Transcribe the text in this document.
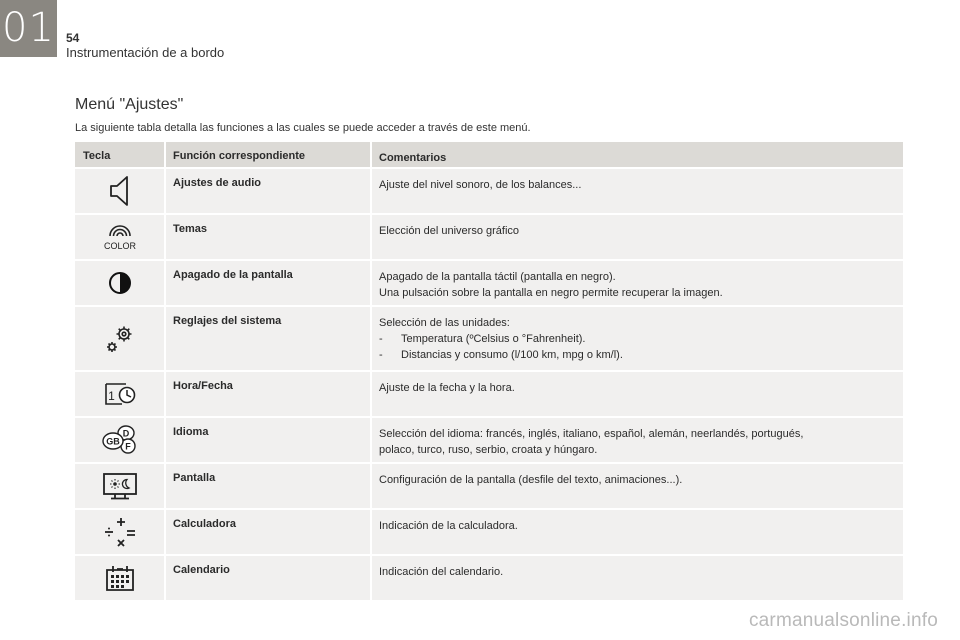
01 54
Instrumentación de a bordo
Menú "Ajustes"
La siguiente tabla detalla las funciones a las cuales se puede acceder a través de este menú.
Tecla	Función correspondiente	Comentarios
Ajustes de audio	Ajuste del nivel sonoro, de los balances...
COLOR
Temas	Elección del universo gráfico
Apagado de la pantalla	Apagado de la pantalla táctil (pantalla en negro).
Una pulsación sobre la pantalla en negro permite recuperar la imagen.
Reglajes del sistema	Selección de las unidades:
- Temperatura (ºCelsius o °Fahrenheit).
- Distancias y consumo (l/100 km, mpg o km/l).
1
Hora/Fecha	Ajuste de la fecha y la hora.
D
F
GB
Idioma	Selección del idioma: francés, inglés, italiano, español, alemán, neerlandés, portugués,
polaco, turco, ruso, serbio, croata y húngaro.
Pantalla	Configuración de la pantalla (desfile del texto, animaciones...).
Calculadora	Indicación de la calculadora.
Calendario	Indicación del calendario.
carmanualsonline.info
